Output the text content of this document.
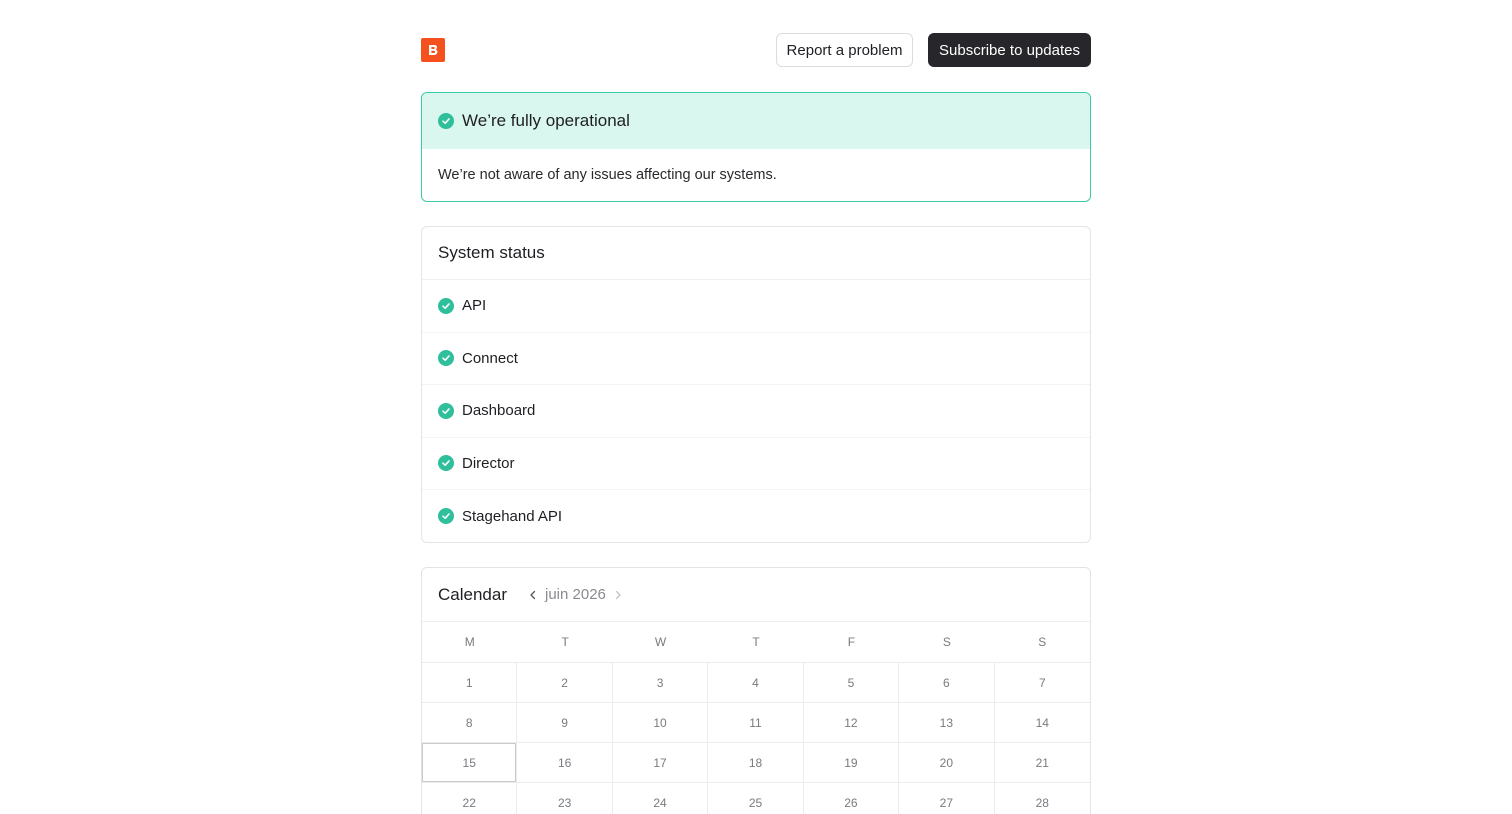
Report a problem	Subscribe to updates
We’re fully operational
We’re not aware of any issues affecting our systems.
System status
API
Connect
Dashboard
Director
Stagehand API
Calendar	juin 2026
M	T	W	T	F	S	S
1	2	3	4	5	6	7
8	9	10	11	12	13	14
15	16	17	18	19	20	21
22	23	24	25	26	27	28
